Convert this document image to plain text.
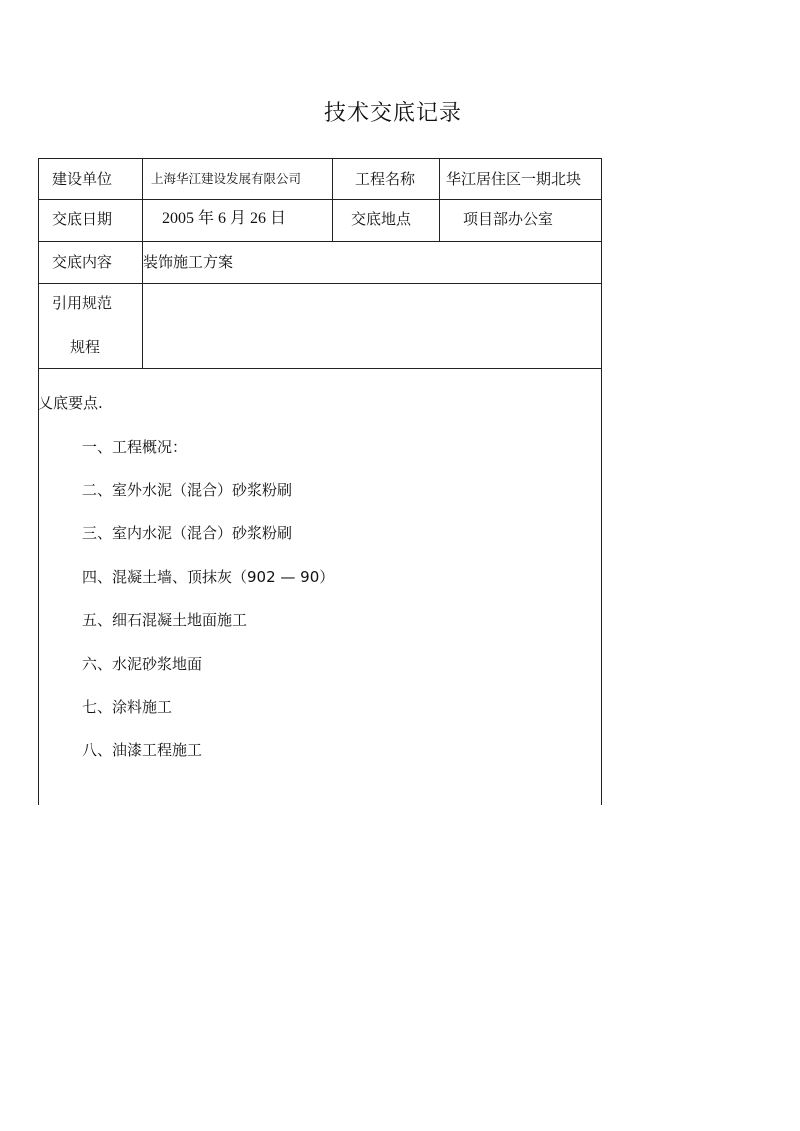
技术交底记录
建设单位	上海华江建设发展有限公司	工程名称 华江居住区一期北块
交底日期	2005 年 6 月 26 日	交底地点	项目部办公室
交底内容 装饰施工方案
引用规范
规程
乂底要点.
一、工程概况：
二、室外水泥（混合）砂浆粉刷
三、室内水泥（混合）砂浆粉刷
四、混凝土墙、顶抹灰（902 — 90）
五、细石混凝土地面施工
六、水泥砂浆地面
七、涂料施工
八、油漆工程施工
